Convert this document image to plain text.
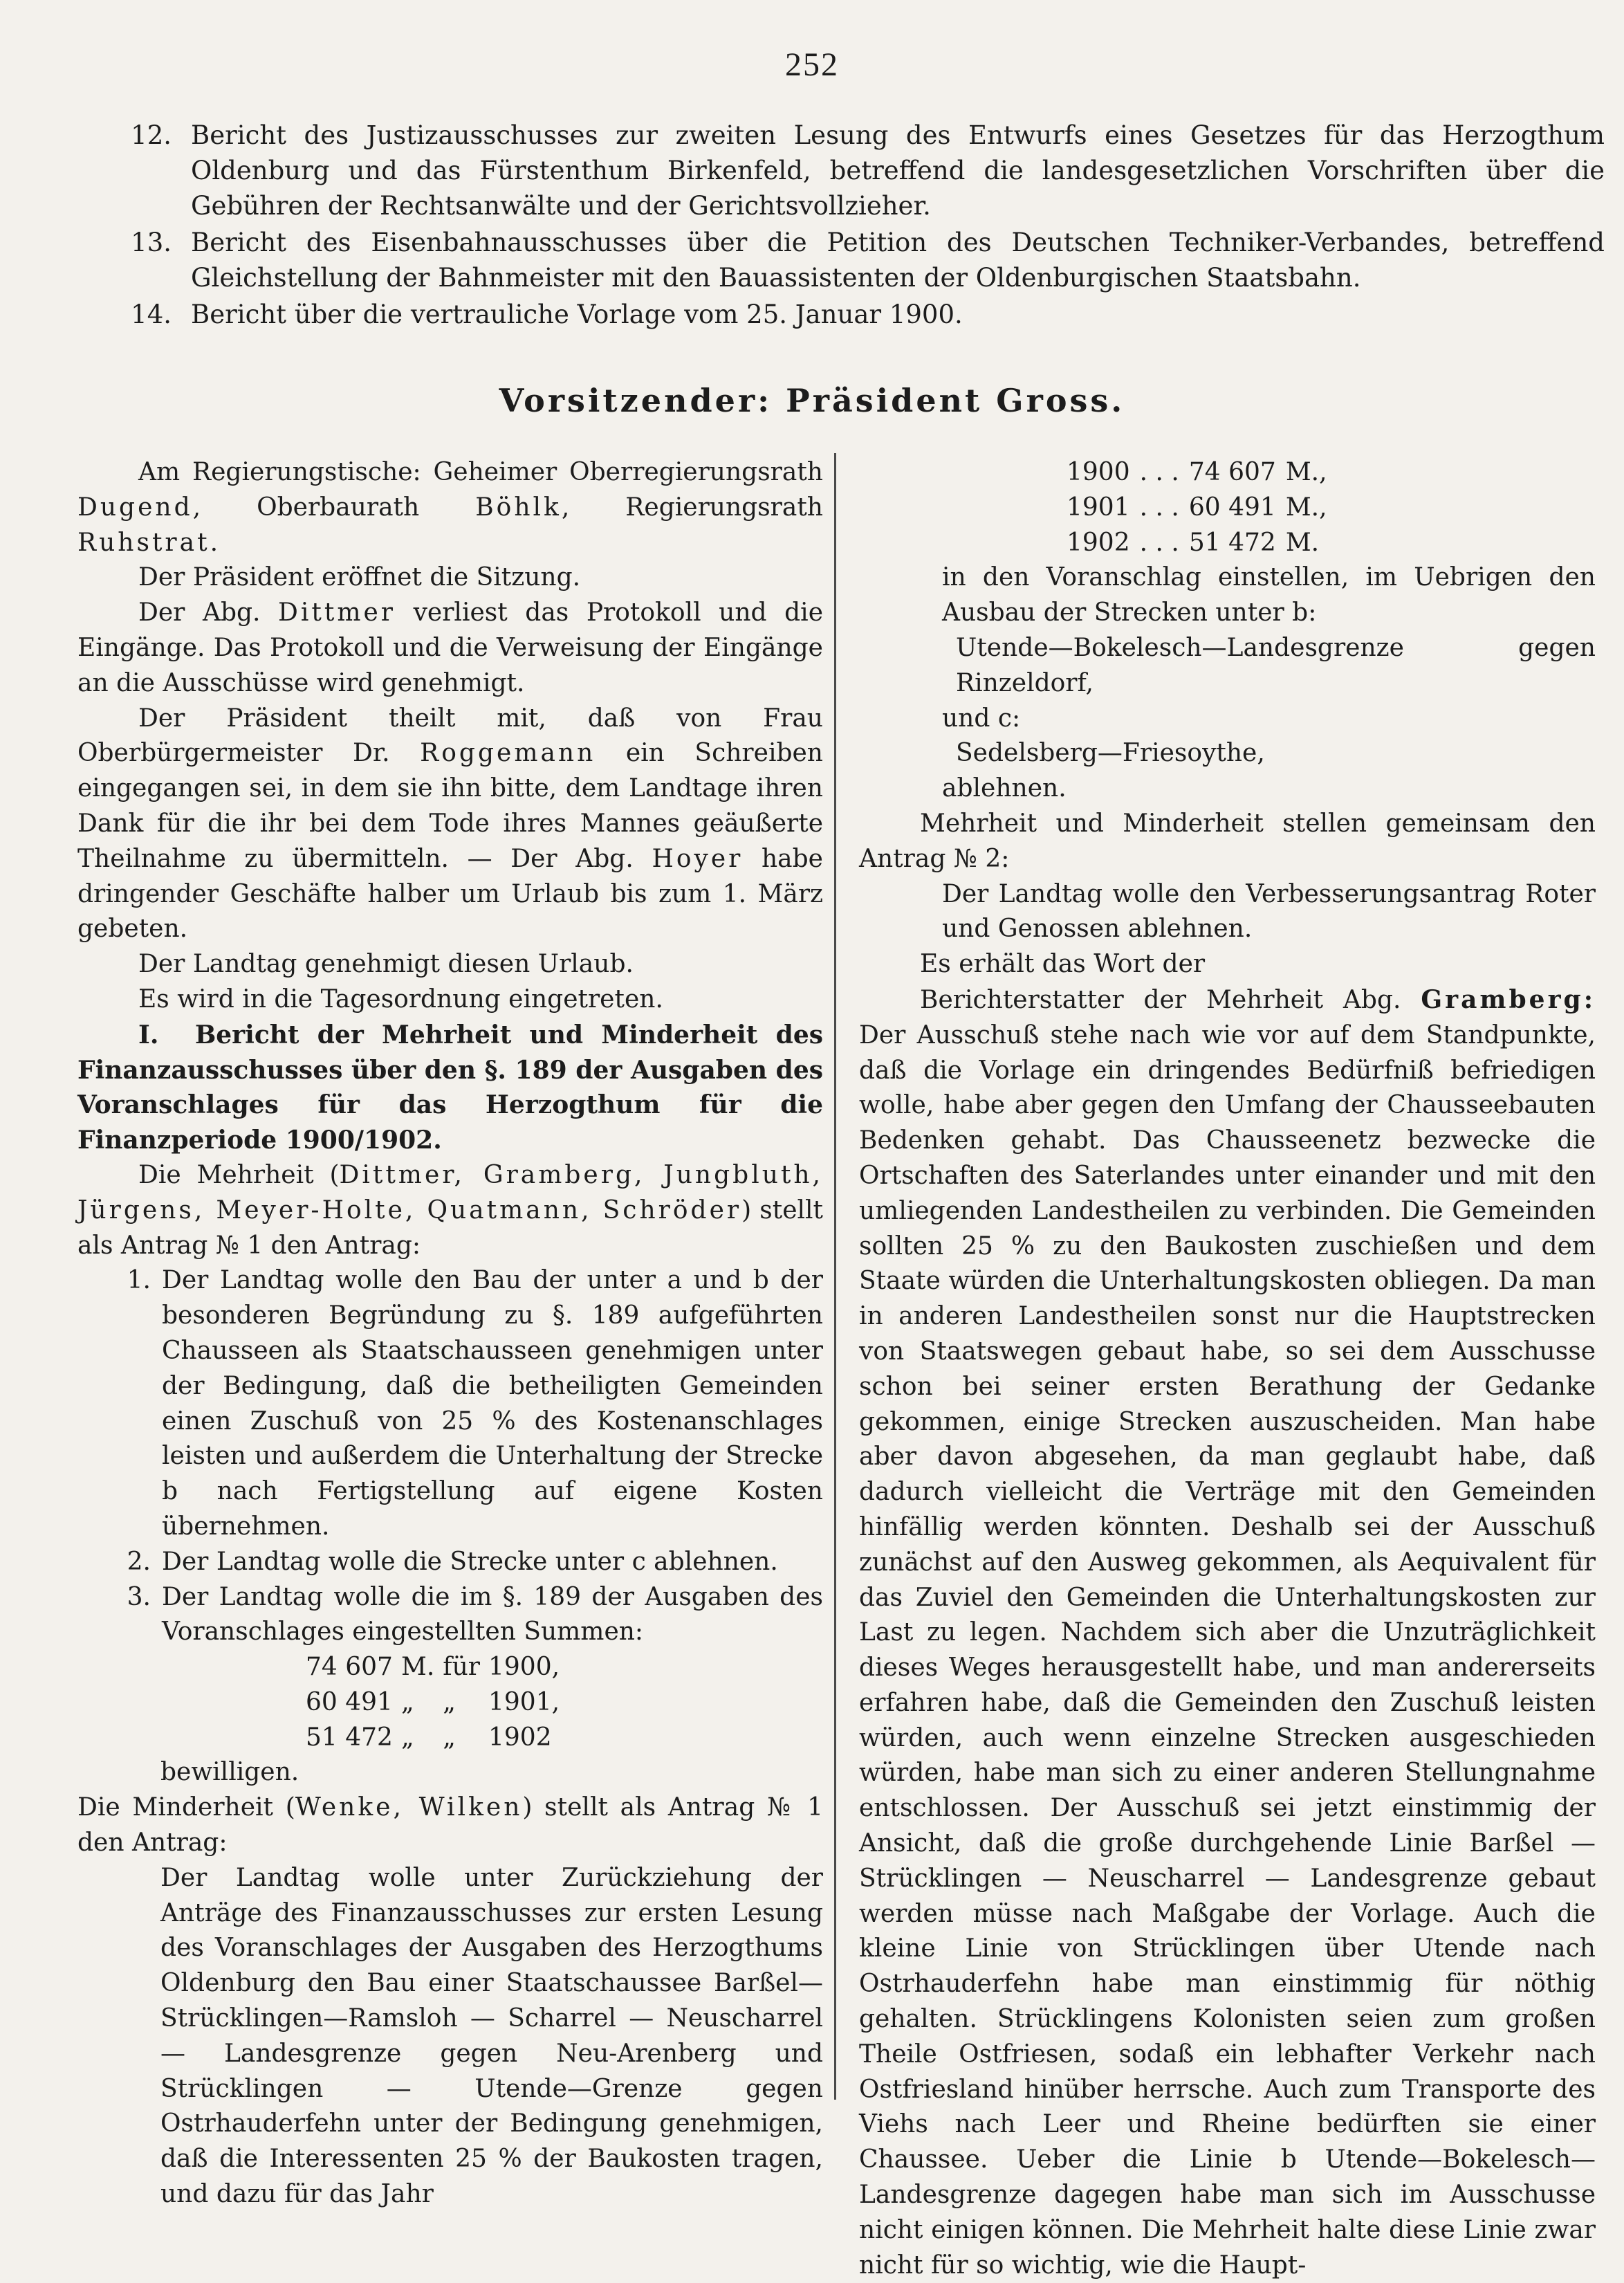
252
12. Bericht des Justizausschusses zur zweiten Lesung des Entwurfs eines Gesetzes für das Herzogthum Oldenburg und das Fürstenthum Birkenfeld, betreffend die landesgesetzlichen Vorschriften über die Gebühren der Rechtsanwälte und der Gerichtsvollzieher.
13. Bericht des Eisenbahnausschusses über die Petition des Deutschen Techniker-Verbandes, betreffend Gleichstellung der Bahnmeister mit den Bauassistenten der Oldenburgischen Staatsbahn.
14. Bericht über die vertrauliche Vorlage vom 25. Januar 1900.
Vorsitzender: Präsident Gross.

Am Regierungstische: Geheimer Oberregierungsrath Dugend, Oberbaurath Böhlk, Regierungsrath Ruhstrat.

Der Präsident eröffnet die Sitzung.

Der Abg. Dittmer verliest das Protokoll und die Eingänge. Das Protokoll und die Verweisung der Eingänge an die Ausschüsse wird genehmigt.

Der Präsident theilt mit, daß von Frau Oberbürgermeister Dr. Roggemann ein Schreiben eingegangen sei, in dem sie ihn bitte, dem Landtage ihren Dank für die ihr bei dem Tode ihres Mannes geäußerte Theilnahme zu übermitteln. — Der Abg. Hoyer habe dringender Geschäfte halber um Urlaub bis zum 1. März gebeten.

Der Landtag genehmigt diesen Urlaub.

Es wird in die Tagesordnung eingetreten.

I. Bericht der Mehrheit und Minderheit des Finanzausschusses über den §. 189 der Ausgaben des Voranschlages für das Herzogthum für die Finanzperiode 1900/1902.

Die Mehrheit (Dittmer, Gramberg, Jungbluth, Jürgens, Meyer-Holte, Quatmann, Schröder) stellt als Antrag № 1 den Antrag:

1. Der Landtag wolle den Bau der unter a und b der besonderen Begründung zu §. 189 aufgeführten Chausseen als Staatschausseen genehmigen unter der Bedingung, daß die betheiligten Gemeinden einen Zuschuß von 25 % des Kostenanschlages leisten und außerdem die Unterhaltung der Strecke b nach Fertigstellung auf eigene Kosten übernehmen.
2. Der Landtag wolle die Strecke unter c ablehnen.
3. Der Landtag wolle die im §. 189 der Ausgaben des Voranschlages eingestellten Summen:
74 607	M.	für	1900,
60 491	„	„	1901,
51 472	„	„	1902

bewilligen.

Die Minderheit (Wenke, Wilken) stellt als Antrag № 1 den Antrag:

Der Landtag wolle unter Zurückziehung der Anträge des Finanzausschusses zur ersten Lesung des Voranschlages der Ausgaben des Herzogthums Oldenburg den Bau einer Staatschaussee Barßel—Strücklingen—Ramsloh — Scharrel — Neuscharrel — Landesgrenze gegen Neu-Arenberg und Strücklingen — Utende—Grenze gegen Ostrhauderfehn unter der Bedingung genehmigen, daß die Interessenten 25 % der Baukosten tragen, und dazu für das Jahr

1900	. . .	74 607	M.,
1901	. . .	60 491	M.,
1902	. . .	51 472	M.

in den Voranschlag einstellen, im Uebrigen den Ausbau der Strecken unter b:

Utende—Bokelesch—Landesgrenze gegen Rinzeldorf,

und c:

Sedelsberg—Friesoythe,

ablehnen.

Mehrheit und Minderheit stellen gemeinsam den Antrag № 2:

Der Landtag wolle den Verbesserungsantrag Roter und Genossen ablehnen.

Es erhält das Wort der

Berichterstatter der Mehrheit Abg. Gramberg: Der Ausschuß stehe nach wie vor auf dem Standpunkte, daß die Vorlage ein dringendes Bedürfniß befriedigen wolle, habe aber gegen den Umfang der Chausseebauten Bedenken gehabt. Das Chausseenetz bezwecke die Ortschaften des Saterlandes unter einander und mit den umliegenden Landestheilen zu verbinden. Die Gemeinden sollten 25 % zu den Baukosten zuschießen und dem Staate würden die Unterhaltungskosten obliegen. Da man in anderen Landestheilen sonst nur die Hauptstrecken von Staatswegen gebaut habe, so sei dem Ausschusse schon bei seiner ersten Berathung der Gedanke gekommen, einige Strecken auszuscheiden. Man habe aber davon abgesehen, da man geglaubt habe, daß dadurch vielleicht die Verträge mit den Gemeinden hinfällig werden könnten. Deshalb sei der Ausschuß zunächst auf den Ausweg gekommen, als Aequivalent für das Zuviel den Gemeinden die Unterhaltungskosten zur Last zu legen. Nachdem sich aber die Unzuträglichkeit dieses Weges herausgestellt habe, und man andererseits erfahren habe, daß die Gemeinden den Zuschuß leisten würden, auch wenn einzelne Strecken ausgeschieden würden, habe man sich zu einer anderen Stellungnahme entschlossen. Der Ausschuß sei jetzt einstimmig der Ansicht, daß die große durchgehende Linie Barßel — Strücklingen — Neuscharrel — Landesgrenze gebaut werden müsse nach Maßgabe der Vorlage. Auch die kleine Linie von Strücklingen über Utende nach Ostrhauderfehn habe man einstimmig für nöthig gehalten. Strücklingens Kolonisten seien zum großen Theile Ostfriesen, sodaß ein lebhafter Verkehr nach Ostfriesland hinüber herrsche. Auch zum Transporte des Viehs nach Leer und Rheine bedürften sie einer Chaussee. Ueber die Linie b Utende—Bokelesch—Landesgrenze dagegen habe man sich im Ausschusse nicht einigen können. Die Mehrheit halte diese Linie zwar nicht für so wichtig, wie die Haupt-
